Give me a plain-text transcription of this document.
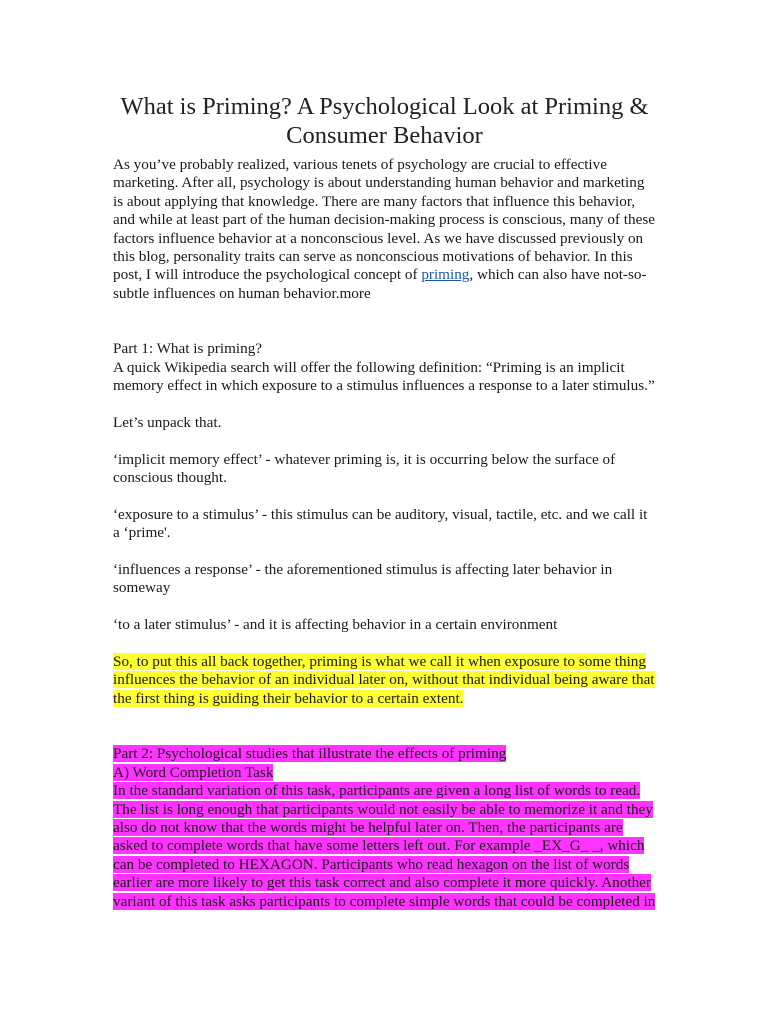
What is Priming? A Psychological Look at Priming & Consumer Behavior

As you’ve probably realized, various tenets of psychology are crucial to effective marketing. After all, psychology is about understanding human behavior and marketing is about applying that knowledge. There are many factors that influence this behavior, and while at least part of the human decision-making process is conscious, many of these factors influence behavior at a nonconscious level. As we have discussed previously on this blog, personality traits can serve as nonconscious motivations of behavior. In this post, I will introduce the psychological concept of priming, which can also have not-so-subtle influences on human behavior.more

Part 1: What is priming?

A quick Wikipedia search will offer the following definition: “Priming is an implicit memory effect in which exposure to a stimulus influences a response to a later stimulus.”

Let’s unpack that.

‘implicit memory effect’ - whatever priming is, it is occurring below the surface of conscious thought.

‘exposure to a stimulus’ - this stimulus can be auditory, visual, tactile, etc. and we call it a ‘prime'.

‘influences a response’ - the aforementioned stimulus is affecting later behavior in someway

‘to a later stimulus’ - and it is affecting behavior in a certain environment

So, to put this all back together, priming is what we call it when exposure to some thing influences the behavior of an individual later on, without that individual being aware that the first thing is guiding their behavior to a certain extent.

Part 2: Psychological studies that illustrate the effects of priming

A) Word Completion Task

In the standard variation of this task, participants are given a long list of words to read. The list is long enough that participants would not easily be able to memorize it and they also do not know that the words might be helpful later on. Then, the participants are asked to complete words that have some letters left out. For example _EX_G_ _, which can be completed to HEXAGON. Participants who read hexagon on the list of words earlier are more likely to get this task correct and also complete it more quickly. Another variant of this task asks participants to complete simple words that could be completed in
